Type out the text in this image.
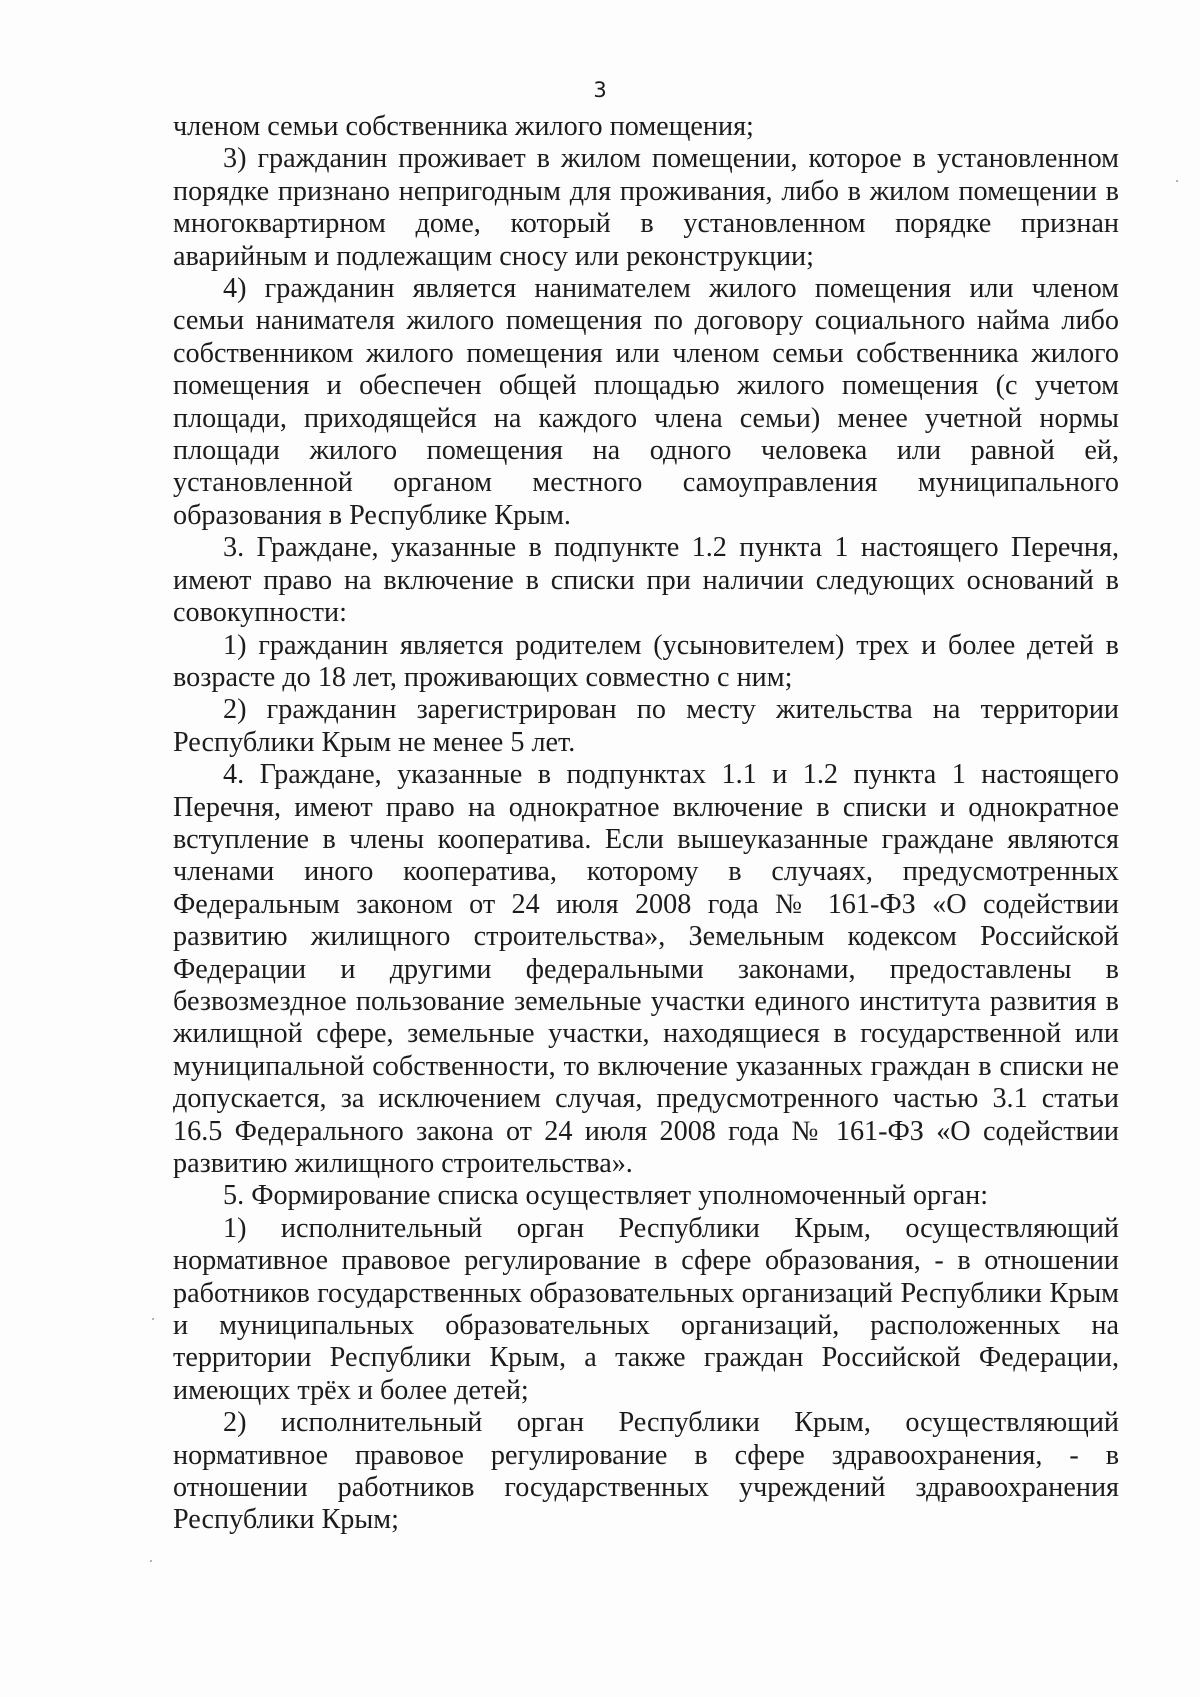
3

членом семьи собственника жилого помещения;

3) гражданин проживает в жилом помещении, которое в установленном порядке признано непригодным для проживания, либо в жилом помещении в многоквартирном доме, который в установленном порядке признан аварийным и подлежащим сносу или реконструкции;

4) гражданин является нанимателем жилого помещения или членом семьи нанимателя жилого помещения по договору социального найма либо собственником жилого помещения или членом семьи собственника жилого помещения и обеспечен общей площадью жилого помещения (с учетом площади, приходящейся на каждого члена семьи) менее учетной нормы площади жилого помещения на одного человека или равной ей, установленной органом местного самоуправления муниципального образования в Республике Крым.

3. Граждане, указанные в подпункте 1.2 пункта 1 настоящего Перечня, имеют право на включение в списки при наличии следующих оснований в совокупности:

1) гражданин является родителем (усыновителем) трех и более детей в возрасте до 18 лет, проживающих совместно с ним;

2) гражданин зарегистрирован по месту жительства на территории Республики Крым не менее 5 лет.

4. Граждане, указанные в подпунктах 1.1 и 1.2 пункта 1 настоящего Перечня, имеют право на однократное включение в списки и однократное вступление в члены кооператива. Если вышеуказанные граждане являются членами иного кооператива, которому в случаях, предусмотренных Федеральным законом от 24 июля 2008 года № 161-ФЗ «О содействии развитию жилищного строительства», Земельным кодексом Российской Федерации и другими федеральными законами, предоставлены в безвозмездное пользование земельные участки единого института развития в жилищной сфере, земельные участки, находящиеся в государственной или муниципальной собственности, то включение указанных граждан в списки не допускается, за исключением случая, предусмотренного частью 3.1 статьи 16.5 Федерального закона от 24 июля 2008 года № 161-ФЗ «О содействии развитию жилищного строительства».

5. Формирование списка осуществляет уполномоченный орган:

1) исполнительный орган Республики Крым, осуществляющий нормативное правовое регулирование в сфере образования, - в отношении работников государственных образовательных организаций Республики Крым и муниципальных образовательных организаций, расположенных на территории Республики Крым, а также граждан Российской Федерации, имеющих трёх и более детей;

2) исполнительный орган Республики Крым, осуществляющий нормативное правовое регулирование в сфере здравоохранения, - в отношении работников государственных учреждений здравоохранения Республики Крым;
